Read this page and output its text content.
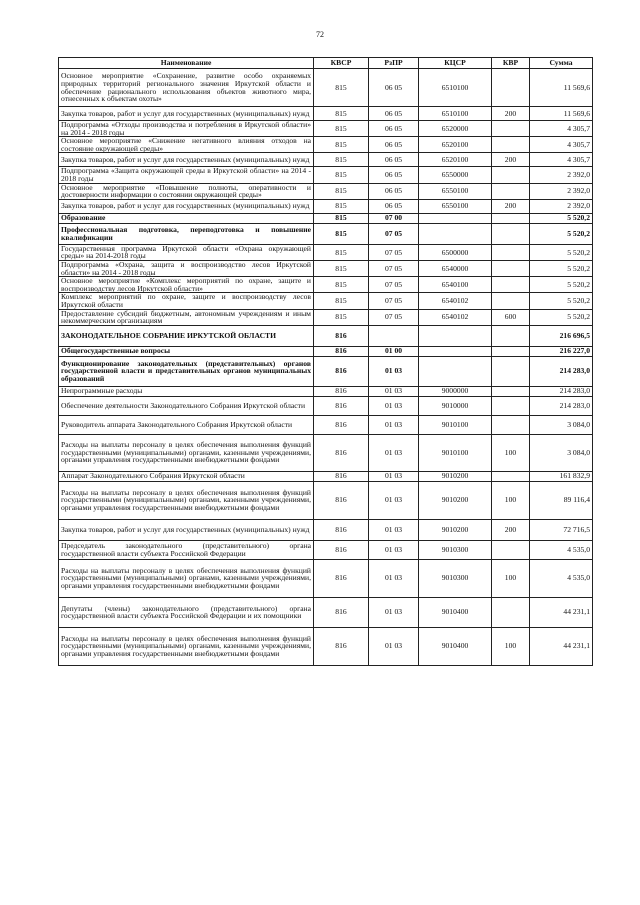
72
Наименование	КВСР	РзПР	КЦСР	КВР	Сумма
Основное мероприятие «Сохранение, развитие особо охраняемых природных территорий регионального значения Иркутской области и обеспечение рационального использования объектов животного мира, отнесенных к объектам охоты»	815	06 05	6510100		11 569,6
Закупка товаров, работ и услуг для государственных (муниципальных) нужд	815	06 05	6510100	200	11 569,6
Подпрограмма «Отходы производства и потребления в Иркутской области» на 2014 - 2018 годы	815	06 05	6520000		4 305,7
Основное мероприятие «Снижение негативного влияния отходов на состояние окружающей среды»	815	06 05	6520100		4 305,7
Закупка товаров, работ и услуг для государственных (муниципальных) нужд	815	06 05	6520100	200	4 305,7
Подпрограмма «Защита окружающей среды в Иркутской области» на 2014 - 2018 годы	815	06 05	6550000		2 392,0
Основное мероприятие «Повышение полноты, оперативности и достоверности информации о состоянии окружающей среды»	815	06 05	6550100		2 392,0
Закупка товаров, работ и услуг для государственных (муниципальных) нужд	815	06 05	6550100	200	2 392,0
Образование	815	07 00			5 520,2
Профессиональная подготовка, переподготовка и повышение квалификации	815	07 05			5 520,2
Государственная программа Иркутской области «Охрана окружающей среды» на 2014-2018 годы	815	07 05	6500000		5 520,2
Подпрограмма «Охрана, защита и воспроизводство лесов Иркутской области» на 2014 - 2018 годы	815	07 05	6540000		5 520,2
Основное мероприятие «Комплекс мероприятий по охране, защите и воспроизводству лесов Иркутской области»	815	07 05	6540100		5 520,2
Комплекс мероприятий по охране, защите и воспроизводству лесов Иркутской области	815	07 05	6540102		5 520,2
Предоставление субсидий бюджетным, автономным учреждениям и иным некоммерческим организациям	815	07 05	6540102	600	5 520,2
ЗАКОНОДАТЕЛЬНОЕ СОБРАНИЕ ИРКУТСКОЙ ОБЛАСТИ	816				216 696,5
Общегосударственные вопросы	816	01 00			216 227,0
Функционирование законодательных (представительных) органов государственной власти и представительных органов муниципальных образований	816	01 03			214 283,0
Непрограммные расходы	816	01 03	9000000		214 283,0
Обеспечение деятельности Законодательного Собрания Иркутской области	816	01 03	9010000		214 283,0
Руководитель аппарата Законодательного Собрания Иркутской области	816	01 03	9010100		3 084,0
Расходы на выплаты персоналу в целях обеспечения выполнения функций государственными (муниципальными) органами, казенными учреждениями, органами управления государственными внебюджетными фондами	816	01 03	9010100	100	3 084,0
Аппарат Законодательного Собрания Иркутской области	816	01 03	9010200		161 832,9
Расходы на выплаты персоналу в целях обеспечения выполнения функций государственными (муниципальными) органами, казенными учреждениями, органами управления государственными внебюджетными фондами	816	01 03	9010200	100	89 116,4
Закупка товаров, работ и услуг для государственных (муниципальных) нужд	816	01 03	9010200	200	72 716,5
Председатель законодательного (представительного) органа государственной власти субъекта Российской Федерации	816	01 03	9010300		4 535,0
Расходы на выплаты персоналу в целях обеспечения выполнения функций государственными (муниципальными) органами, казенными учреждениями, органами управления государственными внебюджетными фондами	816	01 03	9010300	100	4 535,0
Депутаты (члены) законодательного (представительного) органа государственной власти субъекта Российской Федерации и их помощники	816	01 03	9010400		44 231,1
Расходы на выплаты персоналу в целях обеспечения выполнения функций государственными (муниципальными) органами, казенными учреждениями, органами управления государственными внебюджетными фондами	816	01 03	9010400	100	44 231,1
